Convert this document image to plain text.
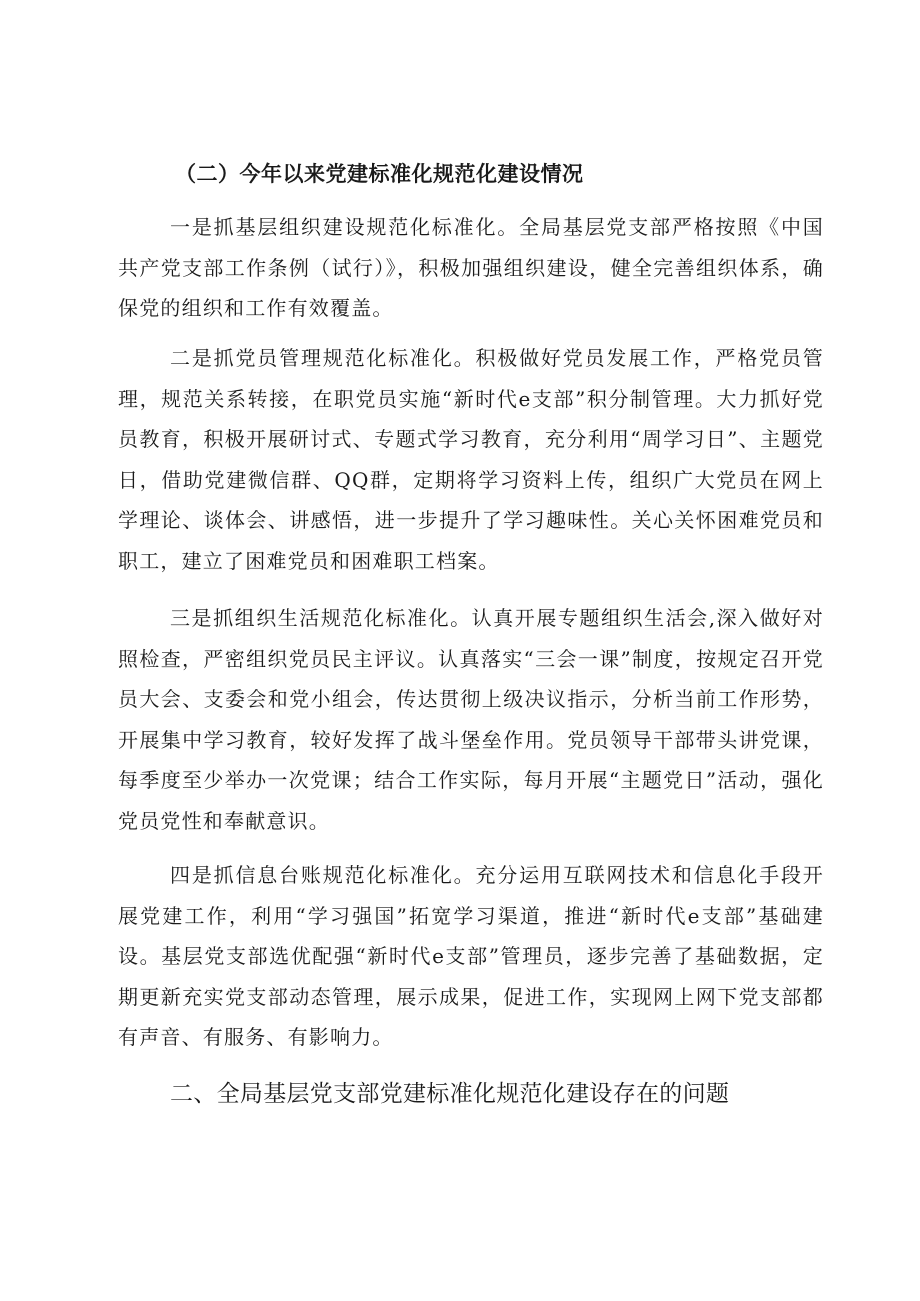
（二）今年以来党建标准化规范化建设情况
一是抓基层组织建设规范化标准化。全局基层党支部严格按照《中国共产党支部工作条例（试行）》，积极加强组织建设，健全完善组织体系，确保党的组织和工作有效覆盖。
二是抓党员管理规范化标准化。积极做好党员发展工作，严格党员管理，规范关系转接，在职党员实施“新时代e支部”积分制管理。大力抓好党员教育，积极开展研讨式、专题式学习教育，充分利用“周学习日”、主题党日，借助党建微信群、QQ群，定期将学习资料上传，组织广大党员在网上学理论、谈体会、讲感悟，进一步提升了学习趣味性。关心关怀困难党员和职工，建立了困难党员和困难职工档案。
三是抓组织生活规范化标准化。认真开展专题组织生活会,深入做好对照检查，严密组织党员民主评议。认真落实“三会一课”制度，按规定召开党员大会、支委会和党小组会，传达贯彻上级决议指示，分析当前工作形势，开展集中学习教育，较好发挥了战斗堡垒作用。党员领导干部带头讲党课，每季度至少举办一次党课；结合工作实际，每月开展“主题党日”活动，强化党员党性和奉献意识。
四是抓信息台账规范化标准化。充分运用互联网技术和信息化手段开展党建工作，利用“学习强国”拓宽学习渠道，推进“新时代e支部”基础建设。基层党支部选优配强“新时代e支部”管理员，逐步完善了基础数据，定期更新充实党支部动态管理，展示成果，促进工作，实现网上网下党支部都有声音、有服务、有影响力。
二、全局基层党支部党建标准化规范化建设存在的问题
